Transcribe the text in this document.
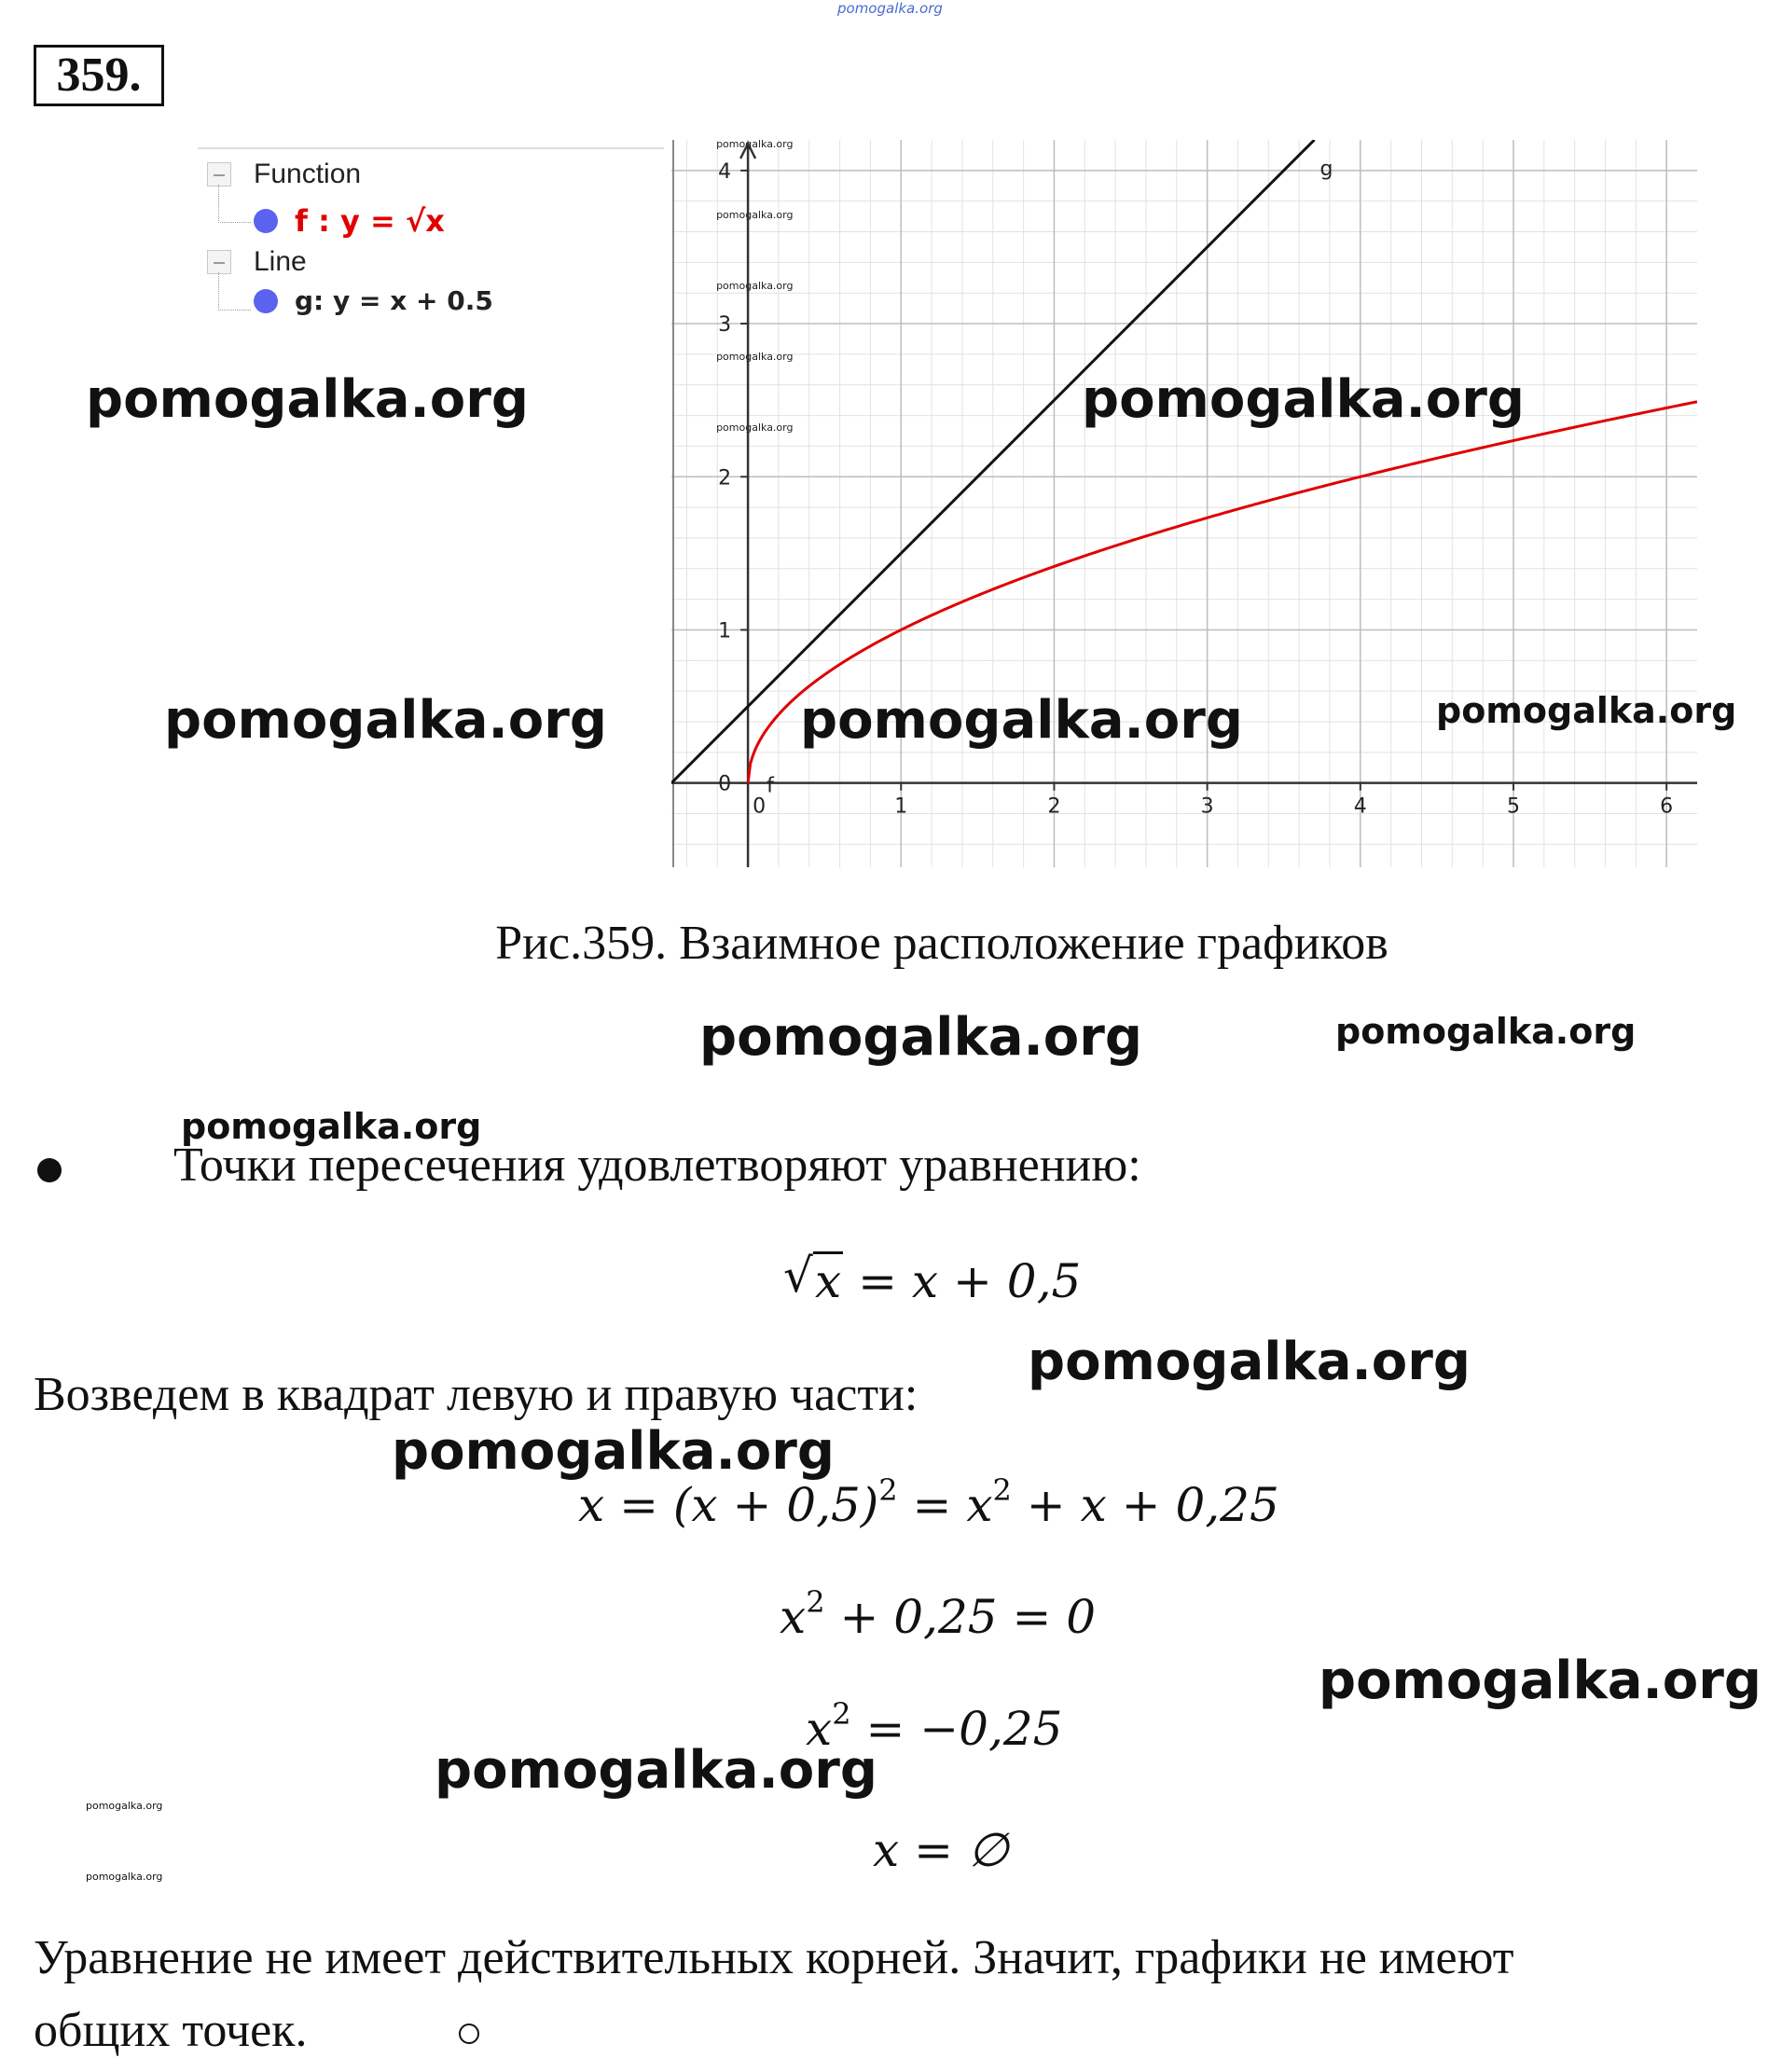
pomogalka.org
359.
Function
f : y = √x
Line
g: y = x + 0.5
0	1	2	3	4	5	6
0
1
2
3
4	g
f
pomogalka.org
pomogalka.org
pomogalka.org
pomogalka.org
pomogalka.org
pomogalka.org	pomogalka.org
pomogalka.org	pomogalka.org	pomogalka.org
Рис.359. Взаимное расположение графиков
pomogalka.org	pomogalka.org
pomogalka.org
Точки пересечения удовлетворяют уравнению:
√ x = x + 0,5
Возведем в квадрат левую и правую части:
pomogalka.org
pomogalka.org
$x = (x + 0,5)^2 = x^2 + x + 0,25$
$x^2 + 0,25 = 0$
pomogalka.org
$x^2 = -0,25$
pomogalka.org
pomogalka.org
pomogalka.org	x = ∅
Уравнение не имеет действительных корней. Значит, графики не имеют
общих точек.
